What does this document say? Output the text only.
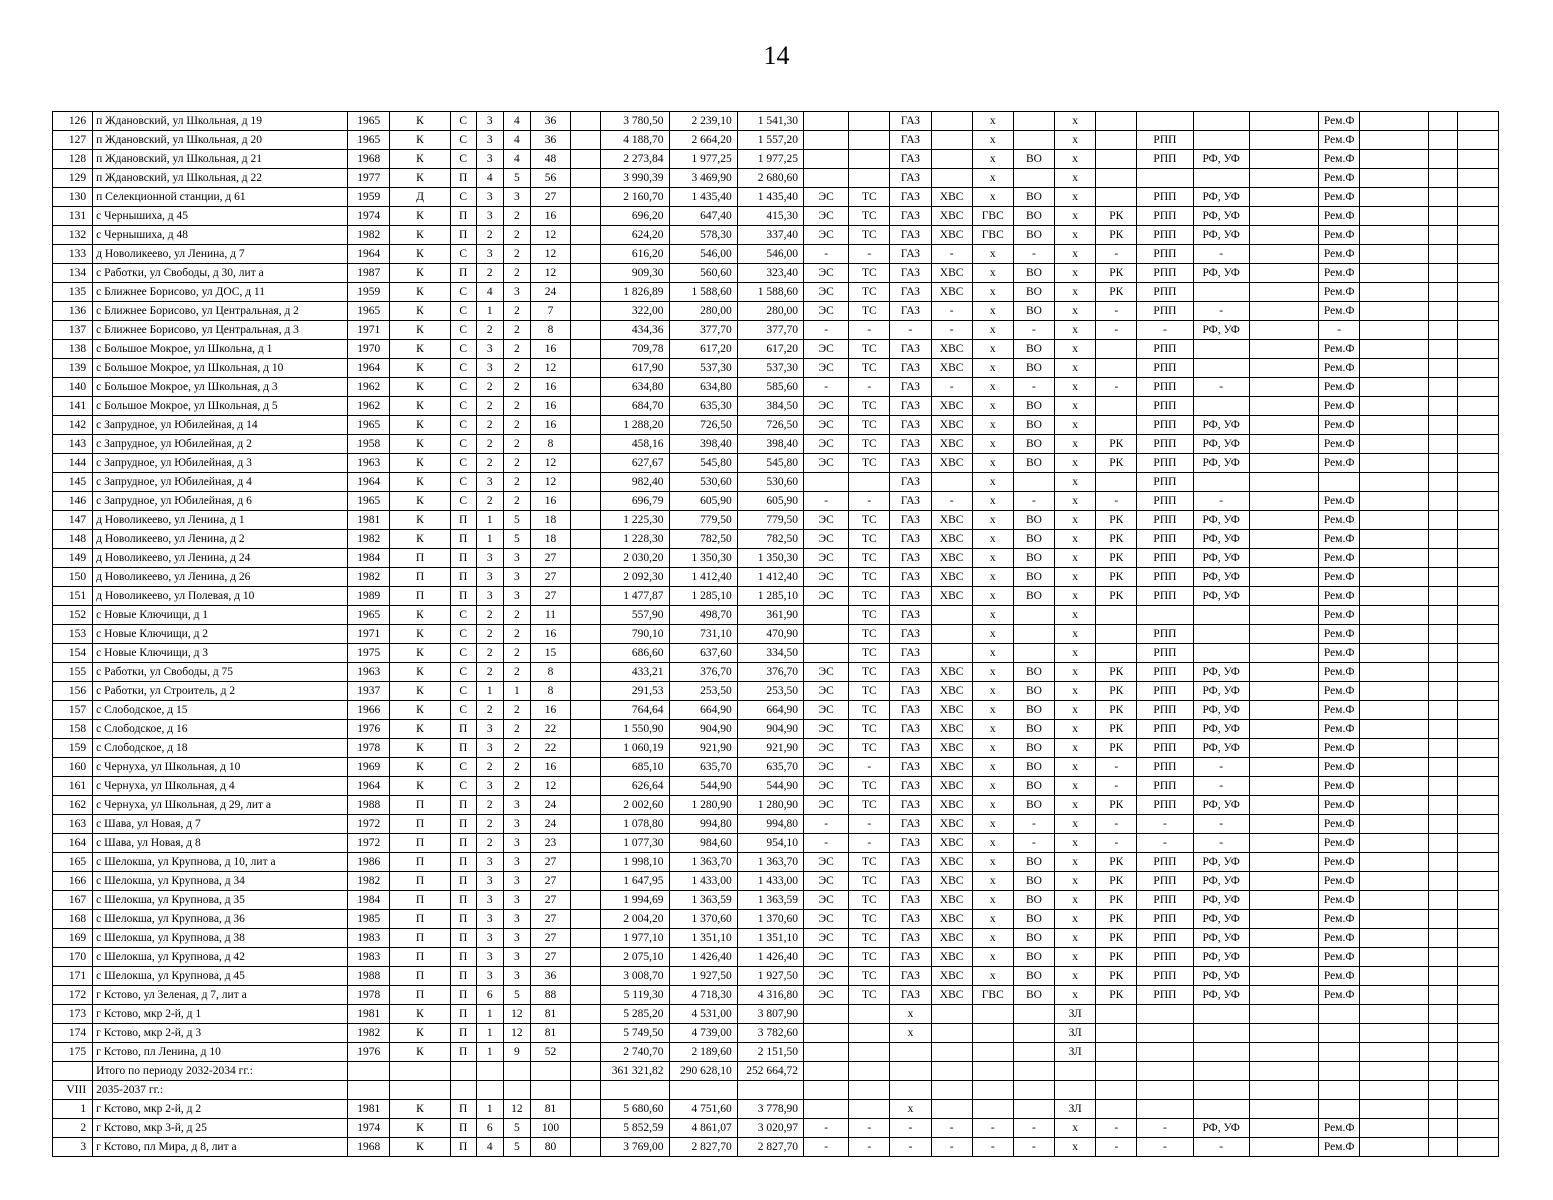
14
126	п Ждановский, ул Школьная, д 19	1965	К	С	3	4	36		3 780,50	2 239,10	1 541,30			ГАЗ		х		х					Рем.Ф			
127	п Ждановский, ул Школьная, д 20	1965	К	С	3	4	36		4 188,70	2 664,20	1 557,20			ГАЗ		х		х		РПП			Рем.Ф			
128	п Ждановский, ул Школьная, д 21	1968	К	С	3	4	48		2 273,84	1 977,25	1 977,25			ГАЗ		х	ВО	х		РПП	РФ, УФ		Рем.Ф			
129	п Ждановский, ул Школьная, д 22	1977	К	П	4	5	56		3 990,39	3 469,90	2 680,60			ГАЗ		х		х					Рем.Ф			
130	п Селекционной станции, д 61	1959	Д	С	3	3	27		2 160,70	1 435,40	1 435,40	ЭС	ТС	ГАЗ	ХВС	х	ВО	х		РПП	РФ, УФ		Рем.Ф			
131	с Чернышиха, д 45	1974	К	П	3	2	16		696,20	647,40	415,30	ЭС	ТС	ГАЗ	ХВС	ГВС	ВО	х	РК	РПП	РФ, УФ		Рем.Ф			
132	с Чернышиха, д 48	1982	К	П	2	2	12		624,20	578,30	337,40	ЭС	ТС	ГАЗ	ХВС	ГВС	ВО	х	РК	РПП	РФ, УФ		Рем.Ф			
133	д Новоликеево, ул Ленина, д 7	1964	К	С	3	2	12		616,20	546,00	546,00	-	-	ГАЗ	-	х	-	х	-	РПП	-		Рем.Ф			
134	с Работки, ул Свободы, д 30, лит а	1987	К	П	2	2	12		909,30	560,60	323,40	ЭС	ТС	ГАЗ	ХВС	х	ВО	х	РК	РПП	РФ, УФ		Рем.Ф			
135	с Ближнее Борисово, ул ДОС, д 11	1959	К	С	4	3	24		1 826,89	1 588,60	1 588,60	ЭС	ТС	ГАЗ	ХВС	х	ВО	х	РК	РПП			Рем.Ф			
136	с Ближнее Борисово, ул Центральная, д 2	1965	К	С	1	2	7		322,00	280,00	280,00	ЭС	ТС	ГАЗ	-	х	ВО	х	-	РПП	-		Рем.Ф			
137	с Ближнее Борисово, ул Центральная, д 3	1971	К	С	2	2	8		434,36	377,70	377,70	-	-	-	-	х	-	х	-	-	РФ, УФ		-			
138	с Большое Мокрое, ул Школьна, д 1	1970	К	С	3	2	16		709,78	617,20	617,20	ЭС	ТС	ГАЗ	ХВС	х	ВО	х		РПП			Рем.Ф			
139	с Большое Мокрое, ул Школьная, д 10	1964	К	С	3	2	12		617,90	537,30	537,30	ЭС	ТС	ГАЗ	ХВС	х	ВО	х		РПП			Рем.Ф			
140	с Большое Мокрое, ул Школьная, д 3	1962	К	С	2	2	16		634,80	634,80	585,60	-	-	ГАЗ	-	х	-	х	-	РПП	-		Рем.Ф			
141	с Большое Мокрое, ул Школьная, д 5	1962	К	С	2	2	16		684,70	635,30	384,50	ЭС	ТС	ГАЗ	ХВС	х	ВО	х		РПП			Рем.Ф			
142	с Запрудное, ул Юбилейная, д 14	1965	К	С	2	2	16		1 288,20	726,50	726,50	ЭС	ТС	ГАЗ	ХВС	х	ВО	х		РПП	РФ, УФ		Рем.Ф			
143	с Запрудное, ул Юбилейная, д 2	1958	К	С	2	2	8		458,16	398,40	398,40	ЭС	ТС	ГАЗ	ХВС	х	ВО	х	РК	РПП	РФ, УФ		Рем.Ф			
144	с Запрудное, ул Юбилейная, д 3	1963	К	С	2	2	12		627,67	545,80	545,80	ЭС	ТС	ГАЗ	ХВС	х	ВО	х	РК	РПП	РФ, УФ		Рем.Ф			
145	с Запрудное, ул Юбилейная, д 4	1964	К	С	3	2	12		982,40	530,60	530,60			ГАЗ		х		х		РПП						
146	с Запрудное, ул Юбилейная, д 6	1965	К	С	2	2	16		696,79	605,90	605,90	-	-	ГАЗ	-	х	-	х	-	РПП	-		Рем.Ф			
147	д Новоликеево, ул Ленина, д 1	1981	К	П	1	5	18		1 225,30	779,50	779,50	ЭС	ТС	ГАЗ	ХВС	х	ВО	х	РК	РПП	РФ, УФ		Рем.Ф			
148	д Новоликеево, ул Ленина, д 2	1982	К	П	1	5	18		1 228,30	782,50	782,50	ЭС	ТС	ГАЗ	ХВС	х	ВО	х	РК	РПП	РФ, УФ		Рем.Ф			
149	д Новоликеево, ул Ленина, д 24	1984	П	П	3	3	27		2 030,20	1 350,30	1 350,30	ЭС	ТС	ГАЗ	ХВС	х	ВО	х	РК	РПП	РФ, УФ		Рем.Ф			
150	д Новоликеево, ул Ленина, д 26	1982	П	П	3	3	27		2 092,30	1 412,40	1 412,40	ЭС	ТС	ГАЗ	ХВС	х	ВО	х	РК	РПП	РФ, УФ		Рем.Ф			
151	д Новоликеево, ул Полевая, д 10	1989	П	П	3	3	27		1 477,87	1 285,10	1 285,10	ЭС	ТС	ГАЗ	ХВС	х	ВО	х	РК	РПП	РФ, УФ		Рем.Ф			
152	с Новые Ключищи, д 1	1965	К	С	2	2	11		557,90	498,70	361,90		ТС	ГАЗ		х		х					Рем.Ф			
153	с Новые Ключищи, д 2	1971	К	С	2	2	16		790,10	731,10	470,90		ТС	ГАЗ		х		х		РПП			Рем.Ф			
154	с Новые Ключищи, д 3	1975	К	С	2	2	15		686,60	637,60	334,50		ТС	ГАЗ		х		х		РПП			Рем.Ф			
155	с Работки, ул Свободы, д 75	1963	К	С	2	2	8		433,21	376,70	376,70	ЭС	ТС	ГАЗ	ХВС	х	ВО	х	РК	РПП	РФ, УФ		Рем.Ф			
156	с Работки, ул Строитель, д 2	1937	К	С	1	1	8		291,53	253,50	253,50	ЭС	ТС	ГАЗ	ХВС	х	ВО	х	РК	РПП	РФ, УФ		Рем.Ф			
157	с Слободское, д 15	1966	К	С	2	2	16		764,64	664,90	664,90	ЭС	ТС	ГАЗ	ХВС	х	ВО	х	РК	РПП	РФ, УФ		Рем.Ф			
158	с Слободское, д 16	1976	К	П	3	2	22		1 550,90	904,90	904,90	ЭС	ТС	ГАЗ	ХВС	х	ВО	х	РК	РПП	РФ, УФ		Рем.Ф			
159	с Слободское, д 18	1978	К	П	3	2	22		1 060,19	921,90	921,90	ЭС	ТС	ГАЗ	ХВС	х	ВО	х	РК	РПП	РФ, УФ		Рем.Ф			
160	с Чернуха, ул Школьная, д 10	1969	К	С	2	2	16		685,10	635,70	635,70	ЭС	-	ГАЗ	ХВС	х	ВО	х	-	РПП	-		Рем.Ф			
161	с Чернуха, ул Школьная, д 4	1964	К	С	3	2	12		626,64	544,90	544,90	ЭС	ТС	ГАЗ	ХВС	х	ВО	х	-	РПП	-		Рем.Ф			
162	с Чернуха, ул Школьная, д 29, лит а	1988	П	П	2	3	24		2 002,60	1 280,90	1 280,90	ЭС	ТС	ГАЗ	ХВС	х	ВО	х	РК	РПП	РФ, УФ		Рем.Ф			
163	с Шава, ул Новая, д 7	1972	П	П	2	3	24		1 078,80	994,80	994,80	-	-	ГАЗ	ХВС	х	-	х	-	-	-		Рем.Ф			
164	с Шава, ул Новая, д 8	1972	П	П	2	3	23		1 077,30	984,60	954,10	-	-	ГАЗ	ХВС	х	-	х	-	-	-		Рем.Ф			
165	с Шелокша, ул Крупнова, д 10, лит а	1986	П	П	3	3	27		1 998,10	1 363,70	1 363,70	ЭС	ТС	ГАЗ	ХВС	х	ВО	х	РК	РПП	РФ, УФ		Рем.Ф			
166	с Шелокша, ул Крупнова, д 34	1982	П	П	3	3	27		1 647,95	1 433,00	1 433,00	ЭС	ТС	ГАЗ	ХВС	х	ВО	х	РК	РПП	РФ, УФ		Рем.Ф			
167	с Шелокша, ул Крупнова, д 35	1984	П	П	3	3	27		1 994,69	1 363,59	1 363,59	ЭС	ТС	ГАЗ	ХВС	х	ВО	х	РК	РПП	РФ, УФ		Рем.Ф			
168	с Шелокша, ул Крупнова, д 36	1985	П	П	3	3	27		2 004,20	1 370,60	1 370,60	ЭС	ТС	ГАЗ	ХВС	х	ВО	х	РК	РПП	РФ, УФ		Рем.Ф			
169	с Шелокша, ул Крупнова, д 38	1983	П	П	3	3	27		1 977,10	1 351,10	1 351,10	ЭС	ТС	ГАЗ	ХВС	х	ВО	х	РК	РПП	РФ, УФ		Рем.Ф			
170	с Шелокша, ул Крупнова, д 42	1983	П	П	3	3	27		2 075,10	1 426,40	1 426,40	ЭС	ТС	ГАЗ	ХВС	х	ВО	х	РК	РПП	РФ, УФ		Рем.Ф			
171	с Шелокша, ул Крупнова, д 45	1988	П	П	3	3	36		3 008,70	1 927,50	1 927,50	ЭС	ТС	ГАЗ	ХВС	х	ВО	х	РК	РПП	РФ, УФ		Рем.Ф			
172	г Кстово, ул Зеленая, д 7, лит а	1978	П	П	6	5	88		5 119,30	4 718,30	4 316,80	ЭС	ТС	ГАЗ	ХВС	ГВС	ВО	х	РК	РПП	РФ, УФ		Рем.Ф			
173	г Кстово, мкр 2-й, д 1	1981	К	П	1	12	81		5 285,20	4 531,00	3 807,90			х				ЗЛ								
174	г Кстово, мкр 2-й, д 3	1982	К	П	1	12	81		5 749,50	4 739,00	3 782,60			х				ЗЛ								
175	г Кстово, пл Ленина, д 10	1976	К	П	1	9	52		2 740,70	2 189,60	2 151,50							ЗЛ								
	Итого по периоду 2032-2034 гг.:								361 321,82	290 628,10	252 664,72															
VIII	2035-2037 гг.:																									
1	г Кстово, мкр 2-й, д 2	1981	К	П	1	12	81		5 680,60	4 751,60	3 778,90			х				ЗЛ								
2	г Кстово, мкр 3-й, д 25	1974	К	П	6	5	100		5 852,59	4 861,07	3 020,97	-	-	-	-	-	-	х	-	-	РФ, УФ		Рем.Ф			
3	г Кстово, пл Мира, д 8, лит а	1968	К	П	4	5	80		3 769,00	2 827,70	2 827,70	-	-	-	-	-	-	х	-	-	-		Рем.Ф			
